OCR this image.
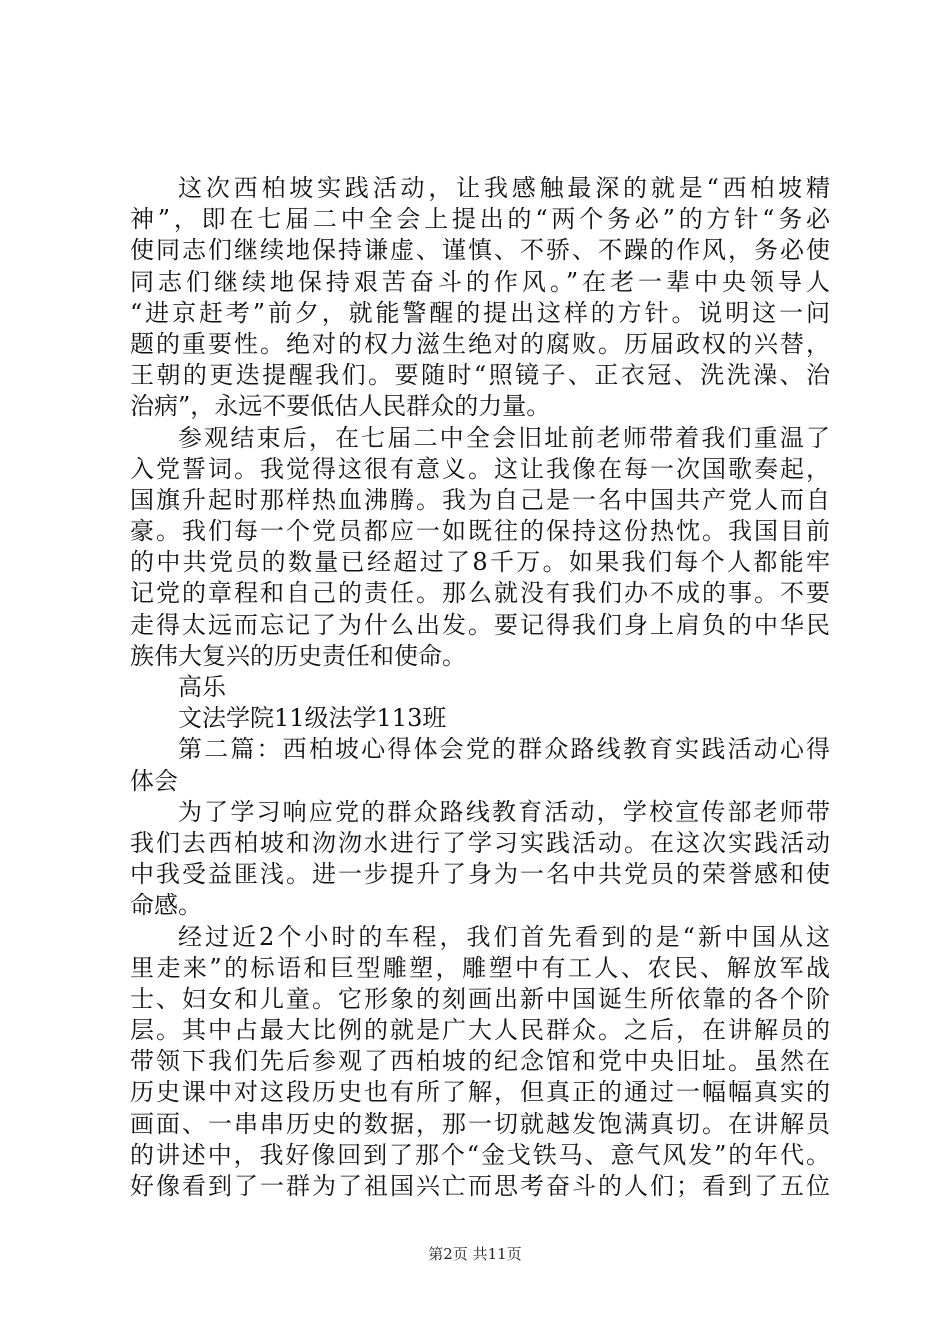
这次西柏坡实践活动，让我感触最深的就是“西柏坡精
神”，即在七届二中全会上提出的“两个务必”的方针“务必
使同志们继续地保持谦虚、谨慎、不骄、不躁的作风，务必使
同志们继续地保持艰苦奋斗的作风。”在老一辈中央领导人
“进京赶考”前夕，就能警醒的提出这样的方针。说明这一问
题的重要性。绝对的权力滋生绝对的腐败。历届政权的兴替，
王朝的更迭提醒我们。要随时“照镜子、正衣冠、洗洗澡、治
治病”，永远不要低估人民群众的力量。
参观结束后，在七届二中全会旧址前老师带着我们重温了
入党誓词。我觉得这很有意义。这让我像在每一次国歌奏起，
国旗升起时那样热血沸腾。我为自己是一名中国共产党人而自
豪。我们每一个党员都应一如既往的保持这份热忱。我国目前
的中共党员的数量已经超过了8千万。如果我们每个人都能牢
记党的章程和自己的责任。那么就没有我们办不成的事。不要
走得太远而忘记了为什么出发。要记得我们身上肩负的中华民
族伟大复兴的历史责任和使命。
高乐
文法学院11级法学113班
第二篇：西柏坡心得体会党的群众路线教育实践活动心得
体会
为了学习响应党的群众路线教育活动，学校宣传部老师带
我们去西柏坡和沕沕水进行了学习实践活动。在这次实践活动
中我受益匪浅。进一步提升了身为一名中共党员的荣誉感和使
命感。
经过近2个小时的车程，我们首先看到的是“新中国从这
里走来”的标语和巨型雕塑，雕塑中有工人、农民、解放军战
士、妇女和儿童。它形象的刻画出新中国诞生所依靠的各个阶
层。其中占最大比例的就是广大人民群众。之后，在讲解员的
带领下我们先后参观了西柏坡的纪念馆和党中央旧址。虽然在
历史课中对这段历史也有所了解，但真正的通过一幅幅真实的
画面、一串串历史的数据，那一切就越发饱满真切。在讲解员
的讲述中，我好像回到了那个“金戈铁马、意气风发”的年代。
好像看到了一群为了祖国兴亡而思考奋斗的人们；看到了五位
第2页 共11页
